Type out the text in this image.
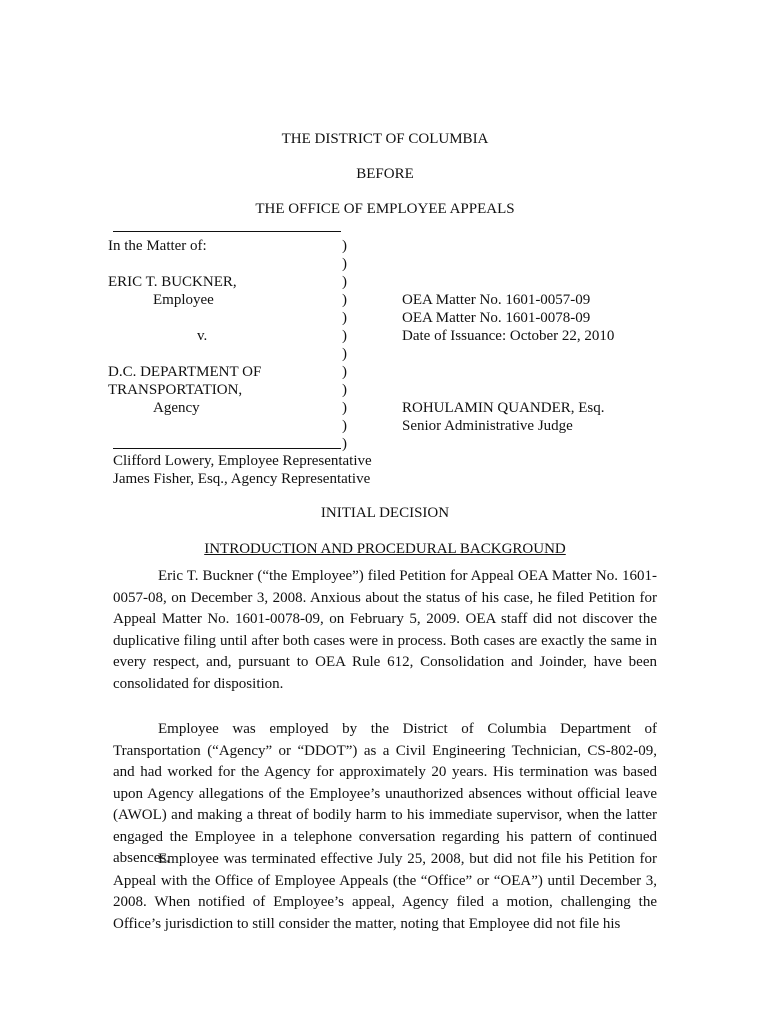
THE DISTRICT OF COLUMBIA
BEFORE
THE OFFICE OF EMPLOYEE APPEALS
In the Matter of:
ERIC T. BUCKNER,
Employee
v.
D.C. DEPARTMENT OF
TRANSPORTATION,
Agency
)
)
)
)
)
)
)
)
)
)
)
)
OEA Matter No. 1601-0057-09
OEA Matter No. 1601-0078-09
Date of Issuance: October 22, 2010
ROHULAMIN QUANDER, Esq.
Senior Administrative Judge
Clifford Lowery, Employee Representative
James Fisher, Esq., Agency Representative
INITIAL DECISION
INTRODUCTION AND PROCEDURAL BACKGROUND

Eric T. Buckner (“the Employee”) filed Petition for Appeal OEA Matter No. 1601-0057-08, on December 3, 2008. Anxious about the status of his case, he filed Petition for Appeal Matter No. 1601-0078-09, on February 5, 2009. OEA staff did not discover the duplicative filing until after both cases were in process. Both cases are exactly the same in every respect, and, pursuant to OEA Rule 612, Consolidation and Joinder, have been consolidated for disposition.

Employee was employed by the District of Columbia Department of Transportation (“Agency” or “DDOT”) as a Civil Engineering Technician, CS-802-09, and had worked for the Agency for approximately 20 years. His termination was based upon Agency allegations of the Employee’s unauthorized absences without official leave (AWOL) and making a threat of bodily harm to his immediate supervisor, when the latter engaged the Employee in a telephone conversation regarding his pattern of continued absences.

Employee was terminated effective July 25, 2008, but did not file his Petition for Appeal with the Office of Employee Appeals (the “Office” or “OEA”) until December 3, 2008. When notified of Employee’s appeal, Agency filed a motion, challenging the Office’s jurisdiction to still consider the matter, noting that Employee did not file his
